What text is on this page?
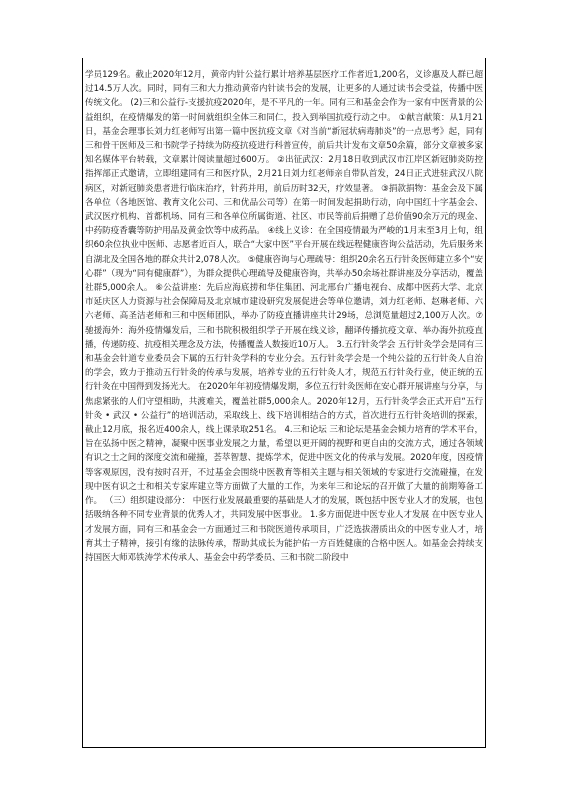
学员129名。截止2020年12月，黄帝内针公益行累计培养基层医疗工作者近1,200名，义诊惠及人群已超过14.5万人次。同时，同有三和大力推动黄帝内针读书会的发展，让更多的人通过读书会受益，传播中医传统文化。 (2)三和公益行-支援抗疫2020年，是不平凡的一年。同有三和基金会作为一家有中医背景的公益组织，在疫情爆发的第一时间就组织全体三和同仁，投入到举国抗疫行动之中。 ①献言献策：从1月21日，基金会理事长刘力红老师写出第一篇中医抗疫文章《对当前“新冠状病毒肺炎”的一点思考》起，同有三和骨干医师及三和书院学子持续为防疫抗疫进行科普宣传，前后共计发布文章50余篇，部分文章被多家知名媒体平台转载，文章累计阅读量超过600万。 ②出征武汉：2月18日收到武汉市江岸区新冠肺炎防控指挥部正式邀请，立即组建同有三和医疗队，2月21日刘力红老师亲自带队首发，24日正式进驻武汉八院病区，对新冠肺炎患者进行临床治疗，针药并用，前后历时32天，疗效显著。 ③捐款捐物：基金会及下属各单位（各地医馆、教育文化公司、三和优品公司等）在第一时间发起捐助行动，向中国红十字基金会、武汉医疗机构、首都机场、同有三和各单位所属街道、社区、市民等前后捐赠了总价值90余万元的现金、中药防疫香囊等防护用品及黄金饮等中成药品。 ④线上义诊：在全国疫情最为严峻的1月末至3月上旬，组织60余位执业中医师、志愿者近百人，联合“大家中医”平台开展在线远程健康咨询公益活动，先后服务来自湖北及全国各地的群众共计2,078人次。 ⑤健康咨询与心理疏导：组织20余名五行针灸医师建立多个“安心群”（现为“同有健康群”），为群众提供心理疏导及健康咨询，共举办50余场社群讲座及分享活动，覆盖社群5,000余人。 ⑥公益讲座：先后应海底捞和华住集团、河北邢台广播电视台、成都中医药大学、北京市延庆区人力资源与社会保障局及北京城市建设研究发展促进会等单位邀请，刘力红老师、赵琳老师、六六老师、高圣洁老师和三和中医师团队，举办了防疫直播讲座共计29场，总浏览量超过2,100万人次。⑦驰援海外：海外疫情爆发后，三和书院积极组织学子开展在线义诊，翻译传播抗疫文章、举办海外抗疫直播，传递防疫、抗疫相关理念及方法，传播覆盖人数接近10万人。 3.五行针灸学会 五行针灸学会是同有三和基金会针道专业委员会下属的五行针灸学科的专业分会。五行针灸学会是一个纯公益的五行针灸人自治的学会，致力于推动五行针灸的传承与发展，培养专业的五行针灸人才，规范五行针灸行业，使正统的五行针灸在中国得到发扬光大。 在2020年年初疫情爆发期，多位五行针灸医师在安心群开展讲座与分享，与焦虑紧张的人们守望相助，共渡难关，覆盖社群5,000余人。2020年12月，五行针灸学会正式开启“五行针灸 • 武汉 • 公益行”的培训活动，采取线上、线下培训相结合的方式，首次进行五行针灸培训的探索，截止12月底，报名近400余人，线上课录取251名。 4.三和论坛 三和论坛是基金会倾力培育的学术平台，旨在弘扬中医之精神，凝聚中医事业发展之力量，希望以更开阔的视野和更自由的交流方式，通过各领域有识之士之间的深度交流和碰撞，荟萃智慧、提炼学术，促进中医文化的传承与发展。2020年度，因疫情等客观原因，没有按时召开，不过基金会围绕中医教育等相关主题与相关领域的专家进行交流碰撞，在发现中医有识之士和相关专家库建立等方面做了大量的工作，为来年三和论坛的召开做了大量的前期筹备工作。 （三）组织建设部分： 中医行业发展最重要的基础是人才的发展，既包括中医专业人才的发展，也包括吸纳各种不同专业背景的优秀人才，共同发展中医事业。 1.多方面促进中医专业人才发展 在中医专业人才发展方面，同有三和基金会一方面通过三和书院医道传承项目，广泛选拔潜质出众的中医专业人才，培育其士子精神，接引有缘的法脉传承，帮助其成长为能护佑一方百姓健康的合格中医人。如基金会持续支持国医大师邓铁涛学术传承人、基金会中药学委员、三和书院二阶段中
